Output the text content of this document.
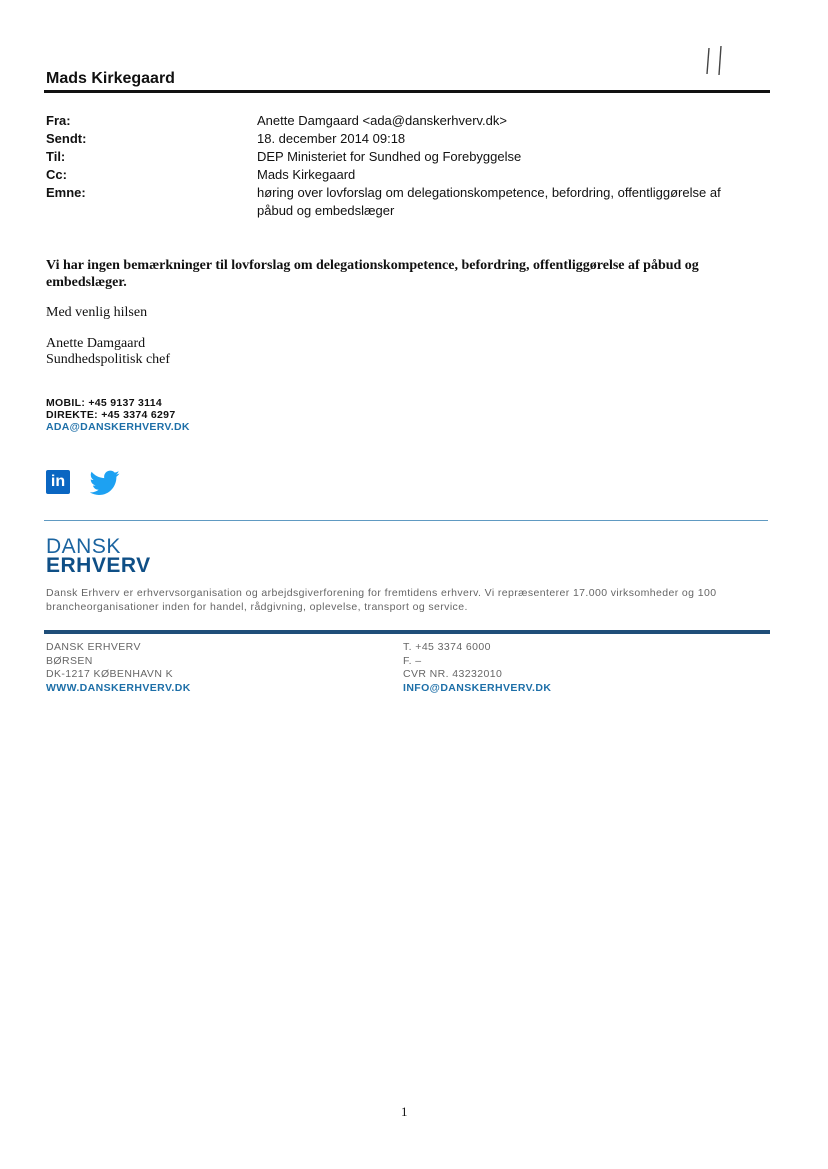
Mads Kirkegaard
Fra:
Sendt:
Til:
Cc:
Emne:
Anette Damgaard <ada@danskerhverv.dk>
18. december 2014 09:18
DEP Ministeriet for Sundhed og Forebyggelse
Mads Kirkegaard
høring over lovforslag om delegationskompetence, befordring, offentliggørelse af
påbud og embedslæger
Vi har ingen bemærkninger til lovforslag om delegationskompetence, befordring, offentliggørelse af påbud og
embedslæger.
Med venlig hilsen
Anette Damgaard
Sundhedspolitisk chef
MOBIL: +45 9137 3114
DIREKTE: +45 3374 6297
ADA@DANSKERHVERV.DK
in
DANSK
ERHVERV
Dansk Erhverv er erhvervsorganisation og arbejdsgiverforening for fremtidens erhverv. Vi repræsenterer 17.000 virksomheder og 100
brancheorganisationer inden for handel, rådgivning, oplevelse, transport og service.
DANSK ERHVERV
BØRSEN
DK-1217 KØBENHAVN K
WWW.DANSKERHVERV.DK
T. +45 3374 6000
F. –
CVR NR. 43232010
INFO@DANSKERHVERV.DK
1
